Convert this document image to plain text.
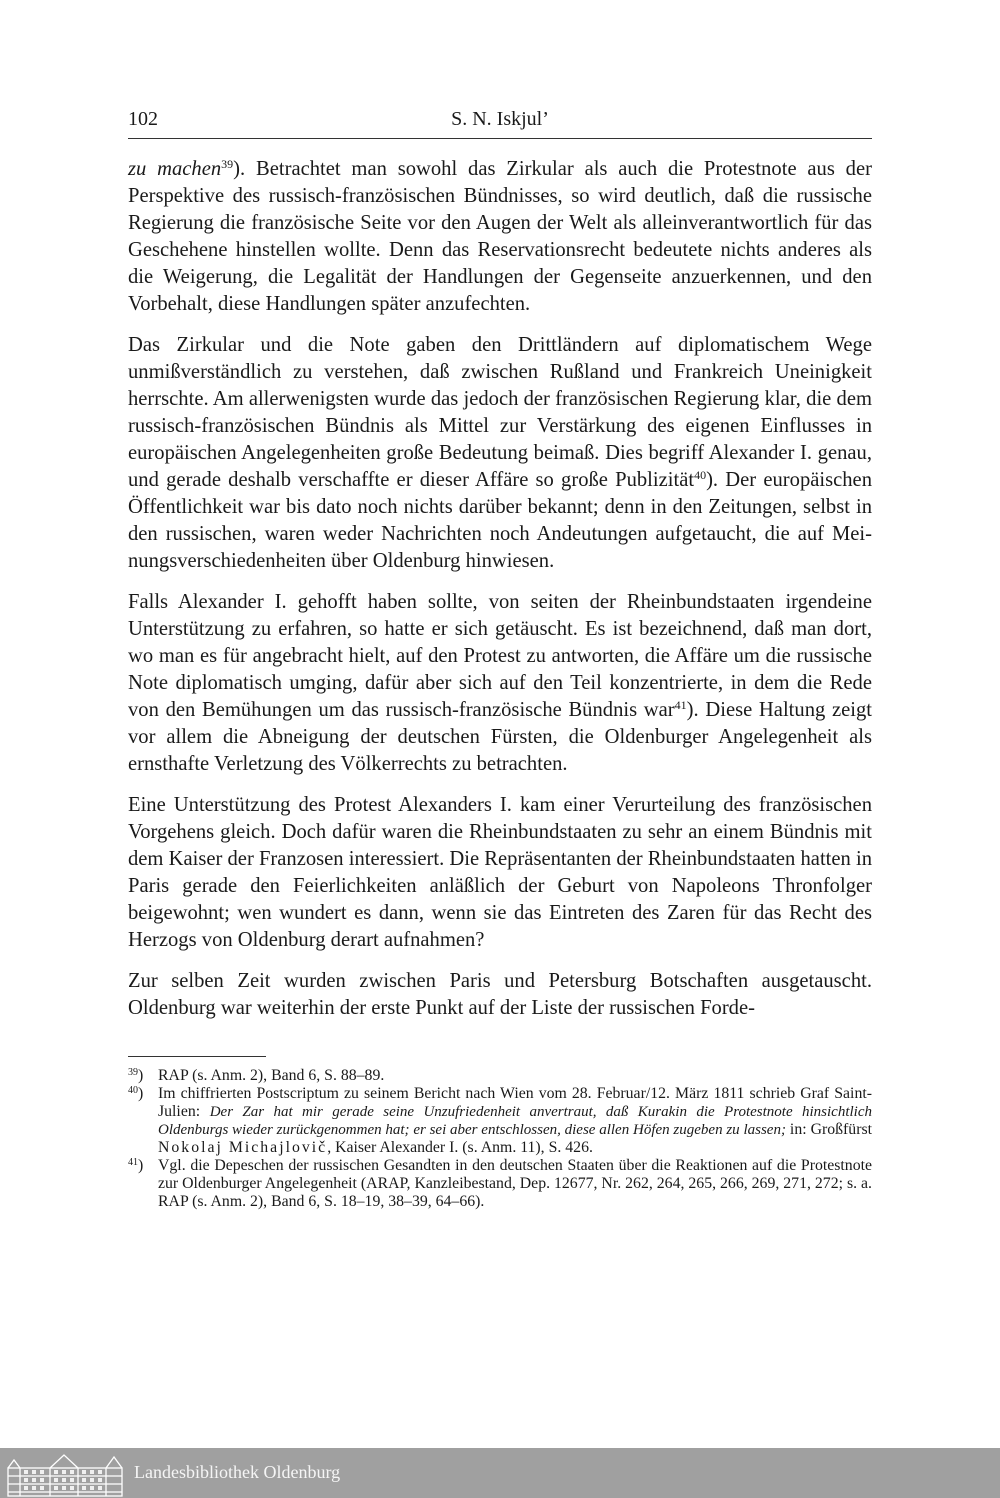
102	S. N. Iskjul’

zu machen$^{39}$). Betrachtet man sowohl das Zirkular als auch die Protestnote aus der Perspektive des russisch-französischen Bündnisses, so wird deutlich, daß die russische Regierung die französische Seite vor den Augen der Welt als alleinverantwortlich für das Geschehene hinstellen wollte. Denn das Reservationsrecht bedeutete nichts anderes als die Weigerung, die Legalität der Handlungen der Gegenseite anzuerkennen, und den Vorbehalt, diese Handlungen später anzufechten.

Das Zirkular und die Note gaben den Drittländern auf diplomatischem Wege unmißverständlich zu verstehen, daß zwischen Rußland und Frankreich Uneinigkeit herrschte. Am allerwenigsten wurde das jedoch der französischen Regierung klar, die dem russisch-französischen Bündnis als Mittel zur Verstärkung des eigenen Einflusses in europäischen Angelegenheiten große Bedeutung beimaß. Dies begriff Alexander I. genau, und gerade deshalb verschaffte er dieser Affäre so große Publizität$^{40}$). Der europäischen Öffentlichkeit war bis dato noch nichts darüber bekannt; denn in den Zeitungen, selbst in den russischen, waren weder Nachrichten noch Andeutungen aufgetaucht, die auf Meinungsverschiedenheiten über Oldenburg hinwiesen.

Falls Alexander I. gehofft haben sollte, von seiten der Rheinbundstaaten irgendeine Unterstützung zu erfahren, so hatte er sich getäuscht. Es ist bezeichnend, daß man dort, wo man es für angebracht hielt, auf den Protest zu antworten, die Affäre um die russische Note diplomatisch umging, dafür aber sich auf den Teil konzentrierte, in dem die Rede von den Bemühungen um das russisch-französische Bündnis war$^{41}$). Diese Haltung zeigt vor allem die Abneigung der deutschen Fürsten, die Oldenburger Angelegenheit als ernsthafte Verletzung des Völkerrechts zu betrachten.

Eine Unterstützung des Protest Alexanders I. kam einer Verurteilung des französischen Vorgehens gleich. Doch dafür waren die Rheinbundstaaten zu sehr an einem Bündnis mit dem Kaiser der Franzosen interessiert. Die Repräsentanten der Rheinbundstaaten hatten in Paris gerade den Feierlichkeiten anläßlich der Geburt von Napoleons Thronfolger beigewohnt; wen wundert es dann, wenn sie das Eintreten des Zaren für das Recht des Herzogs von Oldenburg derart aufnahmen?

Zur selben Zeit wurden zwischen Paris und Petersburg Botschaften ausgetauscht. Oldenburg war weiterhin der erste Punkt auf der Liste der russischen Forde-

$^{39}$) RAP (s. Anm. 2), Band 6, S. 88–89.
$^{40}$) Im chiffrierten Postscriptum zu seinem Bericht nach Wien vom 28. Februar/12. März 1811 schrieb Graf Saint-Julien: Der Zar hat mir gerade seine Unzufriedenheit anvertraut, daß Kurakin die Protestnote hinsichtlich Oldenburgs wieder zurückgenommen hat; er sei aber entschlossen, diese allen Höfen zugeben zu lassen; in: Großfürst Nokolaj Michajlovič, Kaiser Alexander I. (s. Anm. 11), S. 426.
$^{41}$) Vgl. die Depeschen der russischen Gesandten in den deutschen Staaten über die Reaktionen auf die Protestnote zur Oldenburger Angelegenheit (ARAP, Kanzleibestand, Dep. 12677, Nr. 262, 264, 265, 266, 269, 271, 272; s. a. RAP (s. Anm. 2), Band 6, S. 18–19, 38–39, 64–66).
Landesbibliothek Oldenburg
